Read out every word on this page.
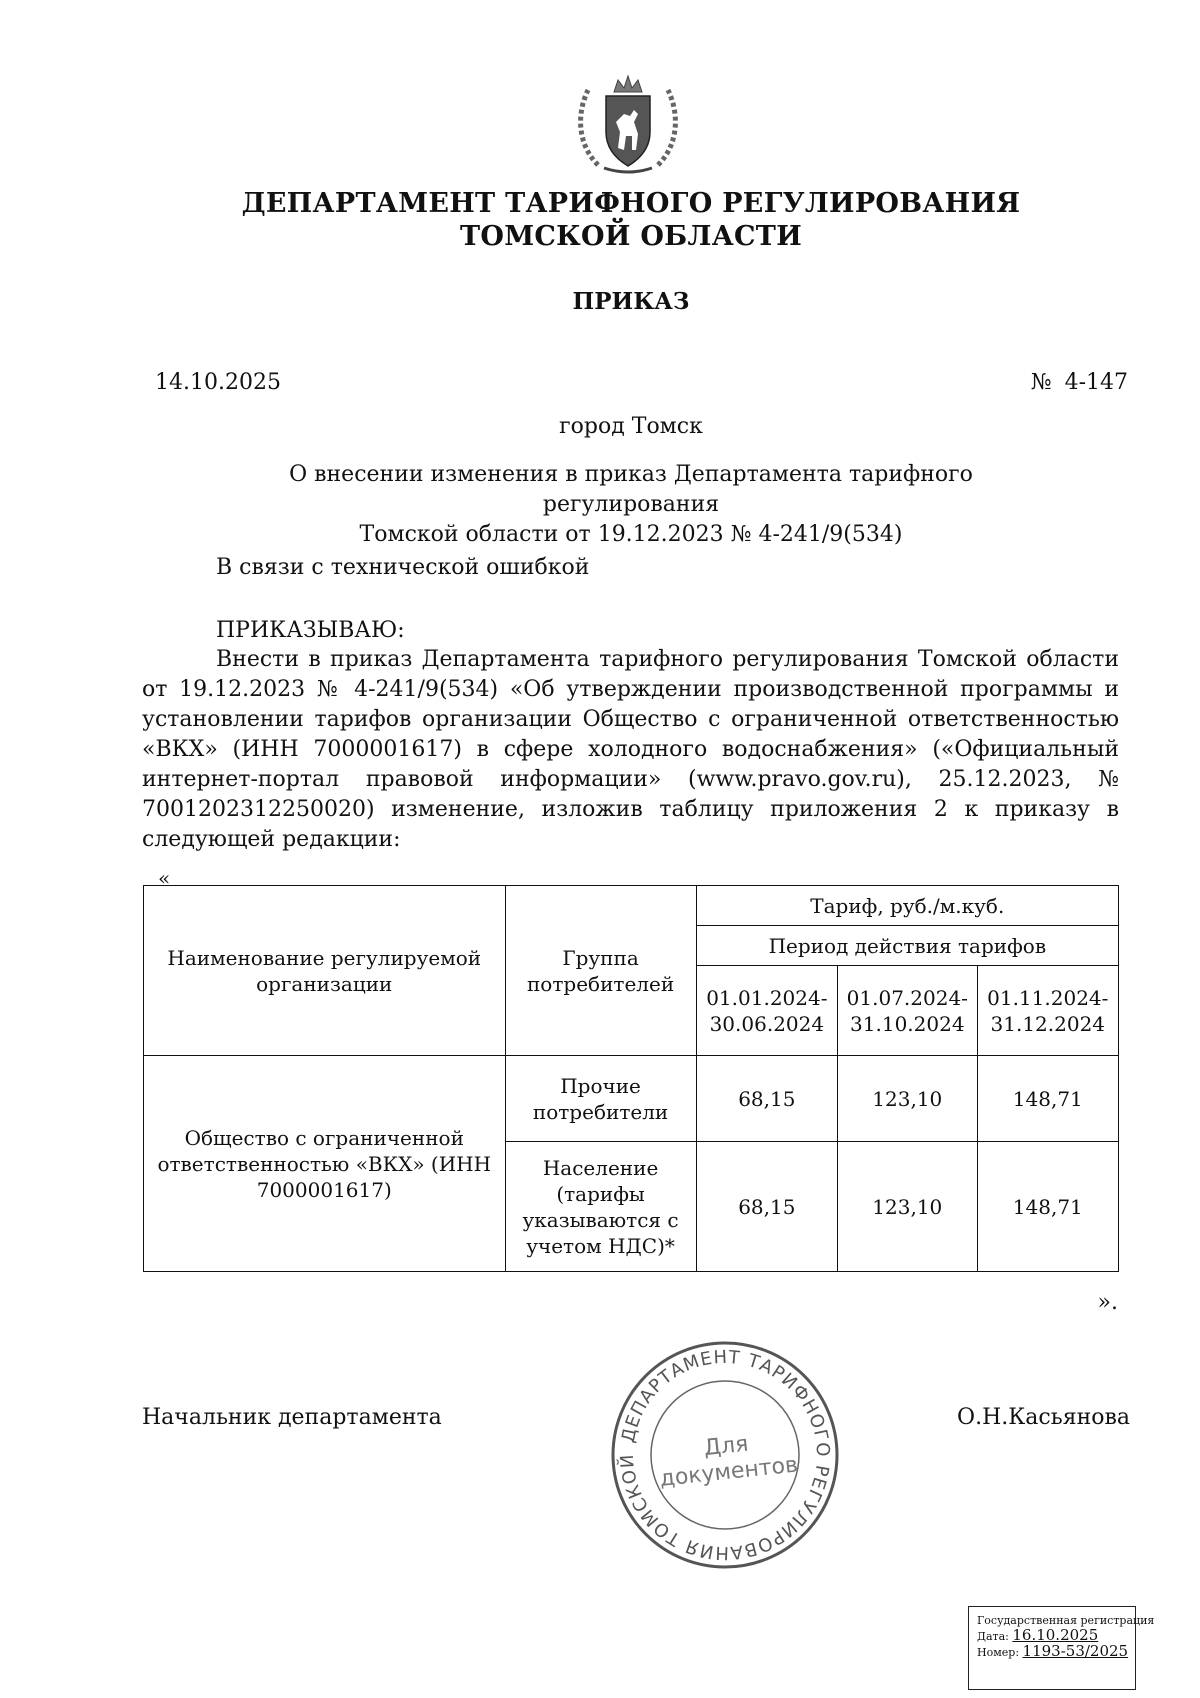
ДЕПАРТАМЕНТ ТАРИФНОГО РЕГУЛИРОВАНИЯ
ТОМСКОЙ ОБЛАСТИ
ПРИКАЗ
14.10.2025	№ 4-147
город Томск
О внесении изменения в приказ Департамента тарифного регулирования
Томской области от 19.12.2023 № 4-241/9(534)
В связи с технической ошибкой
ПРИКАЗЫВАЮ:

Внести в приказ Департамента тарифного регулирования Томской области от 19.12.2023 № 4-241/9(534) «Об утверждении производственной программы и установлении тарифов организации Общество с ограниченной ответственностью «ВКХ» (ИНН 7000001617) в сфере холодного водоснабжения» («Официальный интернет-портал правовой информации» (www.pravo.gov.ru), 25.12.2023, № 7001202312250020) изменение, изложив таблицу приложения 2 к приказу в следующей редакции:

«
Наименование регулируемой организации	Группа потребителей	Тариф, руб./м.куб.		
		Период действия тарифов		
		01.01.2024-30.06.2024	01.07.2024-31.10.2024	01.11.2024-31.12.2024
Общество с ограниченной ответственностью «ВКХ» (ИНН 7000001617)	Прочие потребители	68,15	123,10	148,71
	Население (тарифы указываются с учетом НДС)*	68,15	123,10	148,71
».
ДЕПАРТАМЕНТ ТАРИФНОГО РЕГУЛИРОВАНИЯ ТОМСКОЙ	Для
документов
Начальник департамента	О.Н.Касьянова
Государственная регистрация
Дата: 16.10.2025
Номер: 1193-53/2025
